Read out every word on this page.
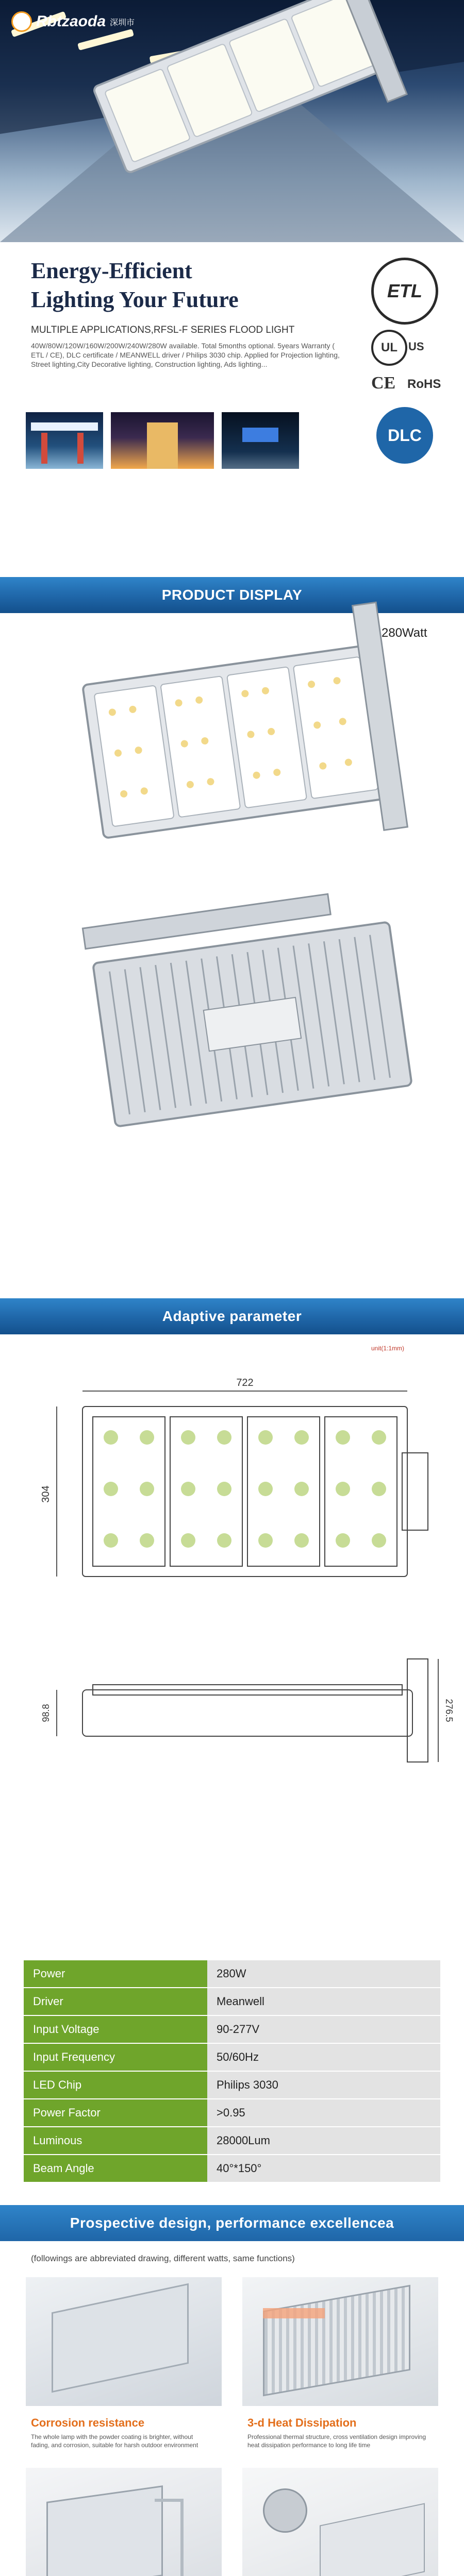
Rbtzaoda 深圳市
Energy-Efficient
Lighting Your Future
MULTIPLE APPLICATIONS,RFSL-F SERIES FLOOD LIGHT
40W/80W/120W/160W/200W/240W/280W available. Total 5months optional. 5years Warranty ( ETL / CE), DLC certificate / MEANWELL driver / Philips 3030 chip. Applied for Projection lighting, Street lighting,City Decorative lighting, Construction lighting, Ads lighting...
ETL
UL US
CE RoHS
DLC
PRODUCT DISPLAY
280Watt
Adaptive parameter
unit(1:1mm)
722
304
98.8	276.5
Power	280W
Driver	Meanwell
Input Voltage	90-277V
Input Frequency	50/60Hz
LED Chip	Philips 3030
Power Factor	>0.95
Luminous	28000Lum
Beam Angle	40°*150°
Prospective design, performance excellencea
(followings are abbreviated drawing, different watts, same functions)
Corrosion resistance
The whole lamp with the powder coating is brighter, without fading, and corrosion, suitable for harsh outdoor environment
3-d Heat Dissipation
Professional thermal structure, cross ventilation design improving heat dissipation performance to long life time
